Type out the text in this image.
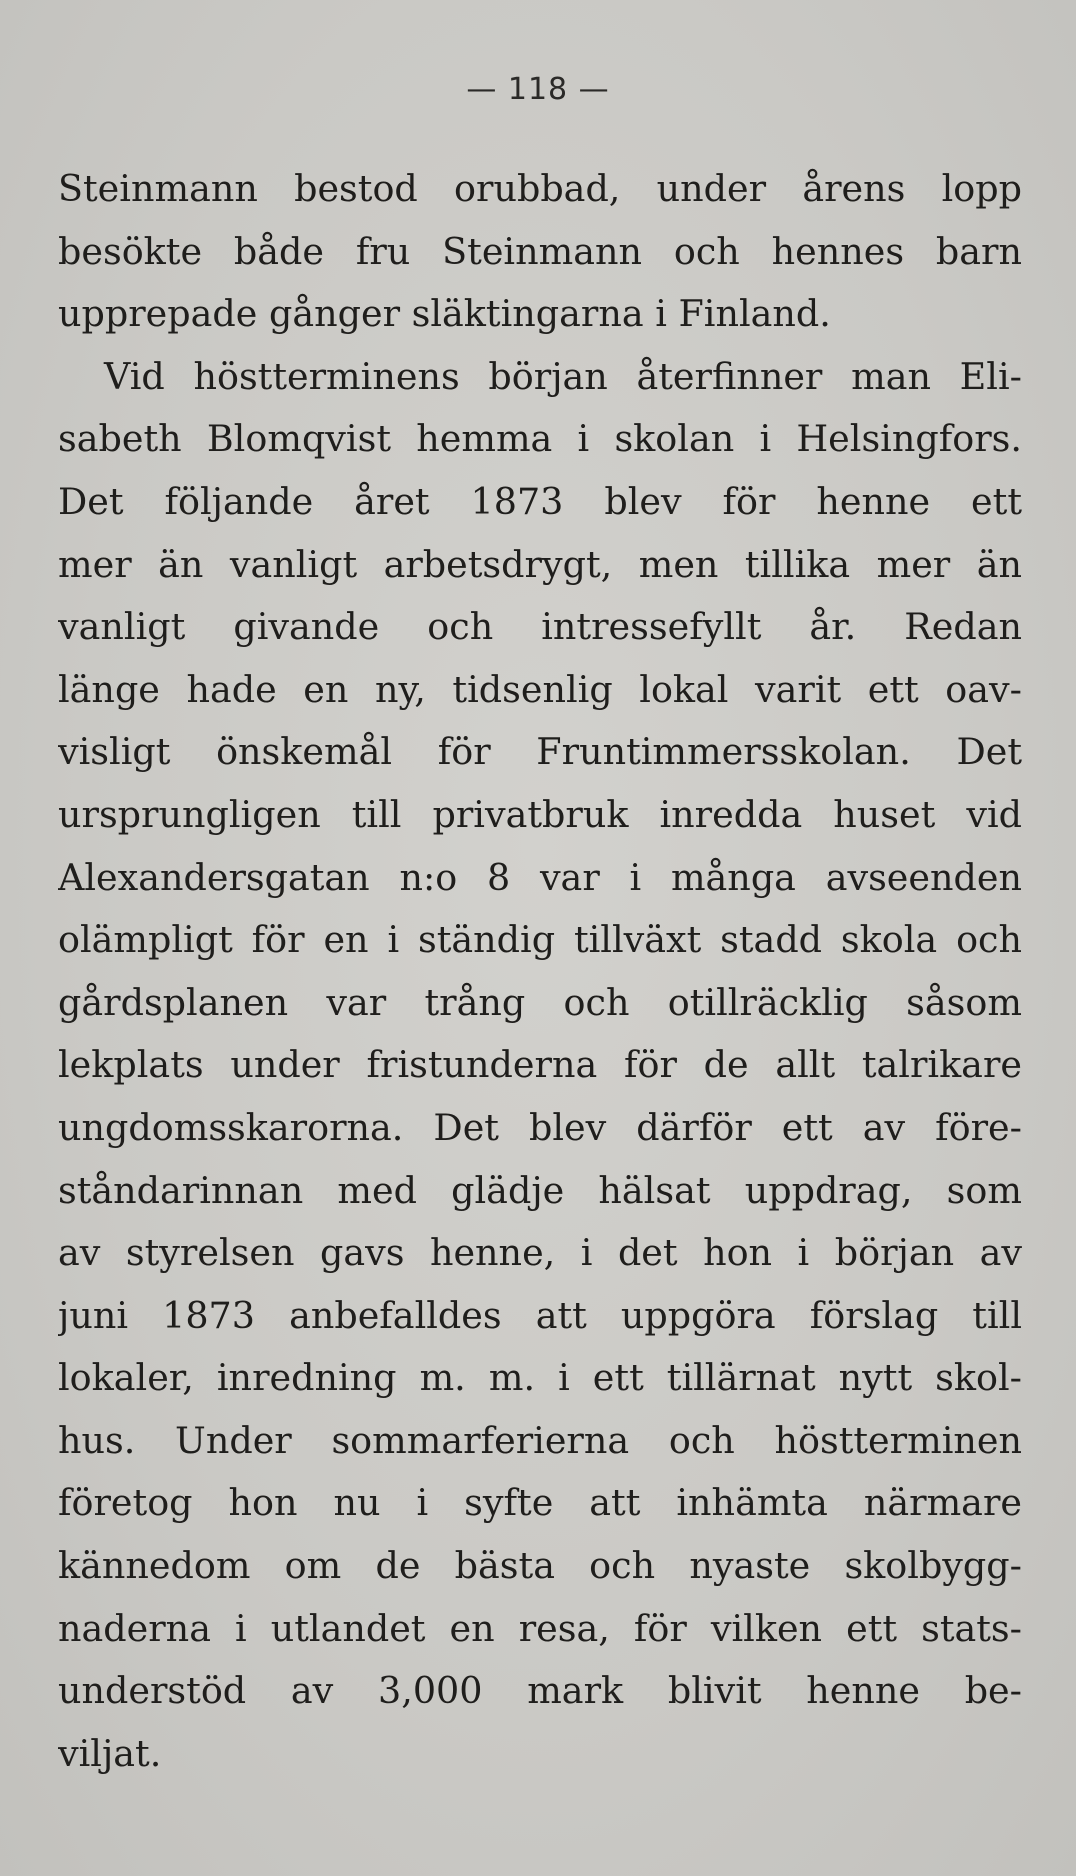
— 118 —
Steinmann bestod orubbad, under årens lopp
besökte både fru Steinmann och hennes barn
upprepade gånger släktingarna i Finland.
Vid höstterminens början återfinner man Eli-
sabeth Blomqvist hemma i skolan i Helsingfors.
Det följande året 1873 blev för henne ett
mer än vanligt arbetsdrygt, men tillika mer än
vanligt givande och intressefyllt år. Redan
länge hade en ny, tidsenlig lokal varit ett oav-
visligt önskemål för Fruntimmersskolan. Det
ursprungligen till privatbruk inredda huset vid
Alexandersgatan n:o 8 var i många avseenden
olämpligt för en i ständig tillväxt stadd skola och
gårdsplanen var trång och otillräcklig såsom
lekplats under fristunderna för de allt talrikare
ungdomsskarorna. Det blev därför ett av före-
ståndarinnan med glädje hälsat uppdrag, som
av styrelsen gavs henne, i det hon i början av
juni 1873 anbefalldes att uppgöra förslag till
lokaler, inredning m. m. i ett tillärnat nytt skol-
hus. Under sommarferierna och höstterminen
företog hon nu i syfte att inhämta närmare
kännedom om de bästa och nyaste skolbygg-
naderna i utlandet en resa, för vilken ett stats-
understöd av 3,000 mark blivit henne be-
viljat.
